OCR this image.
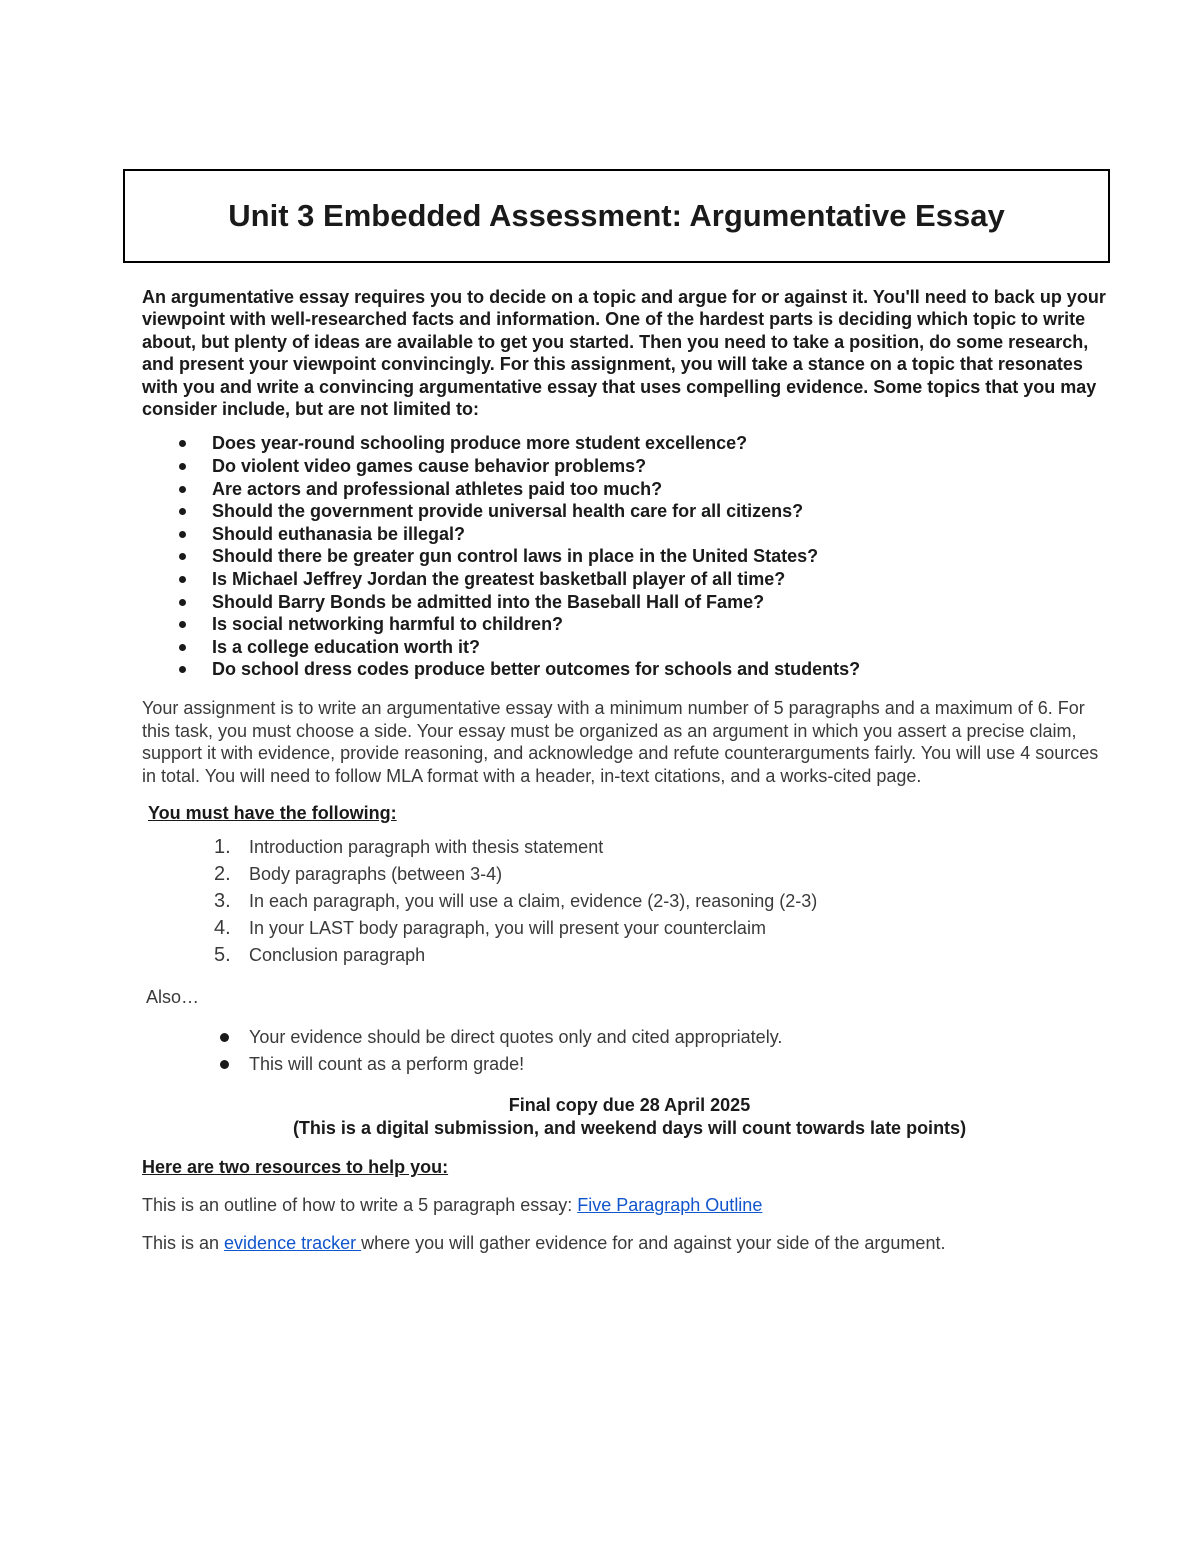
Unit 3 Embedded Assessment: Argumentative Essay

An argumentative essay requires you to decide on a topic and argue for or against it. You'll need to back up your viewpoint with well-researched facts and information. One of the hardest parts is deciding which topic to write about, but plenty of ideas are available to get you started. Then you need to take a position, do some research, and present your viewpoint convincingly. For this assignment, you will take a stance on a topic that resonates with you and write a convincing argumentative essay that uses compelling evidence. Some topics that you may consider include, but are not limited to:

Does year-round schooling produce more student excellence?
Do violent video games cause behavior problems?
Are actors and professional athletes paid too much?
Should the government provide universal health care for all citizens?
Should euthanasia be illegal?
Should there be greater gun control laws in place in the United States?
Is Michael Jeffrey Jordan the greatest basketball player of all time?
Should Barry Bonds be admitted into the Baseball Hall of Fame?
Is social networking harmful to children?
Is a college education worth it?
Do school dress codes produce better outcomes for schools and students?

Your assignment is to write an argumentative essay with a minimum number of 5 paragraphs and a maximum of 6. For this task, you must choose a side. Your essay must be organized as an argument in which you assert a precise claim, support it with evidence, provide reasoning, and acknowledge and refute counterarguments fairly. You will use 4 sources in total. You will need to follow MLA format with a header, in-text citations, and a works-cited page.

You must have the following:

1. Introduction paragraph with thesis statement
2. Body paragraphs (between 3-4)
3. In each paragraph, you will use a claim, evidence (2-3), reasoning (2-3)
4. In your LAST body paragraph, you will present your counterclaim
5. Conclusion paragraph

Also…

Your evidence should be direct quotes only and cited appropriately.
This will count as a perform grade!
Final copy due 28 April 2025
(This is a digital submission, and weekend days will count towards late points)

Here are two resources to help you:

This is an outline of how to write a 5 paragraph essay: Five Paragraph Outline

This is an evidence tracker where you will gather evidence for and against your side of the argument.
